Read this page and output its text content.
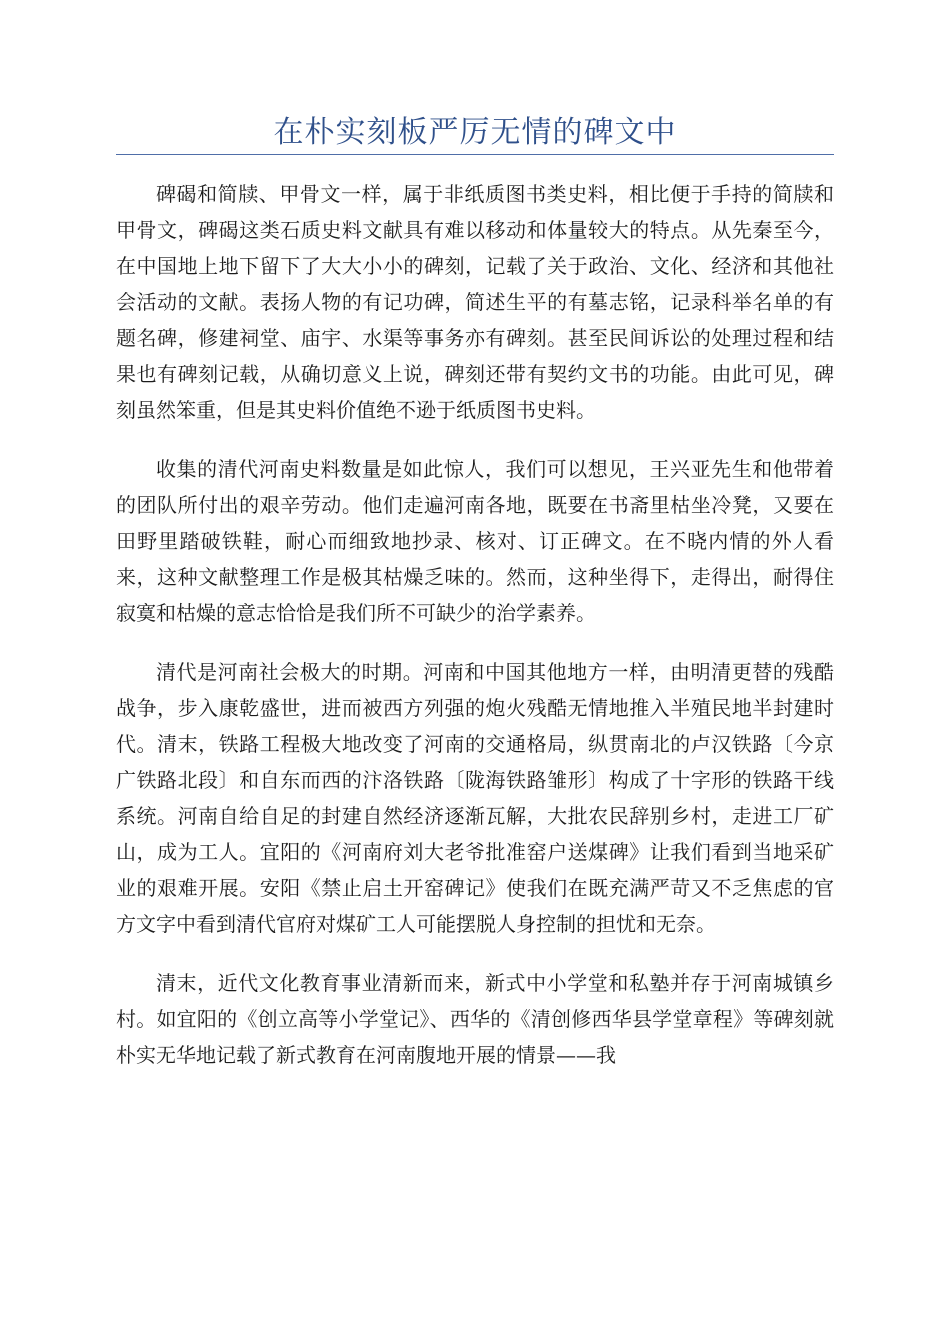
在朴实刻板严厉无情的碑文中

碑碣和简牍、甲骨文一样，属于非纸质图书类史料，相比便于手持的简牍和甲骨文，碑碣这类石质史料文献具有难以移动和体量较大的特点。从先秦至今，在中国地上地下留下了大大小小的碑刻，记载了关于政治、文化、经济和其他社会活动的文献。表扬人物的有记功碑，简述生平的有墓志铭，记录科举名单的有题名碑，修建祠堂、庙宇、水渠等事务亦有碑刻。甚至民间诉讼的处理过程和结果也有碑刻记载，从确切意义上说，碑刻还带有契约文书的功能。由此可见，碑刻虽然笨重，但是其史料价值绝不逊于纸质图书史料。

收集的清代河南史料数量是如此惊人，我们可以想见，王兴亚先生和他带着的团队所付出的艰辛劳动。他们走遍河南各地，既要在书斋里枯坐冷凳，又要在田野里踏破铁鞋，耐心而细致地抄录、核对、订正碑文。在不晓内情的外人看来，这种文献整理工作是极其枯燥乏味的。然而，这种坐得下，走得出，耐得住寂寞和枯燥的意志恰恰是我们所不可缺少的治学素养。

清代是河南社会极大的时期。河南和中国其他地方一样，由明清更替的残酷战争，步入康乾盛世，进而被西方列强的炮火残酷无情地推入半殖民地半封建时代。清末，铁路工程极大地改变了河南的交通格局，纵贯南北的卢汉铁路〔今京广铁路北段〕和自东而西的汴洛铁路〔陇海铁路雏形〕构成了十字形的铁路干线系统。河南自给自足的封建自然经济逐渐瓦解，大批农民辞别乡村，走进工厂矿山，成为工人。宜阳的《河南府刘大老爷批准窑户送煤碑》让我们看到当地采矿业的艰难开展。安阳《禁止启土开窑碑记》使我们在既充满严苛又不乏焦虑的官方文字中看到清代官府对煤矿工人可能摆脱人身控制的担忧和无奈。

清末，近代文化教育事业清新而来，新式中小学堂和私塾并存于河南城镇乡村。如宜阳的《创立高等小学堂记》、西华的《清创修西华县学堂章程》等碑刻就朴实无华地记载了新式教育在河南腹地开展的情景——我
